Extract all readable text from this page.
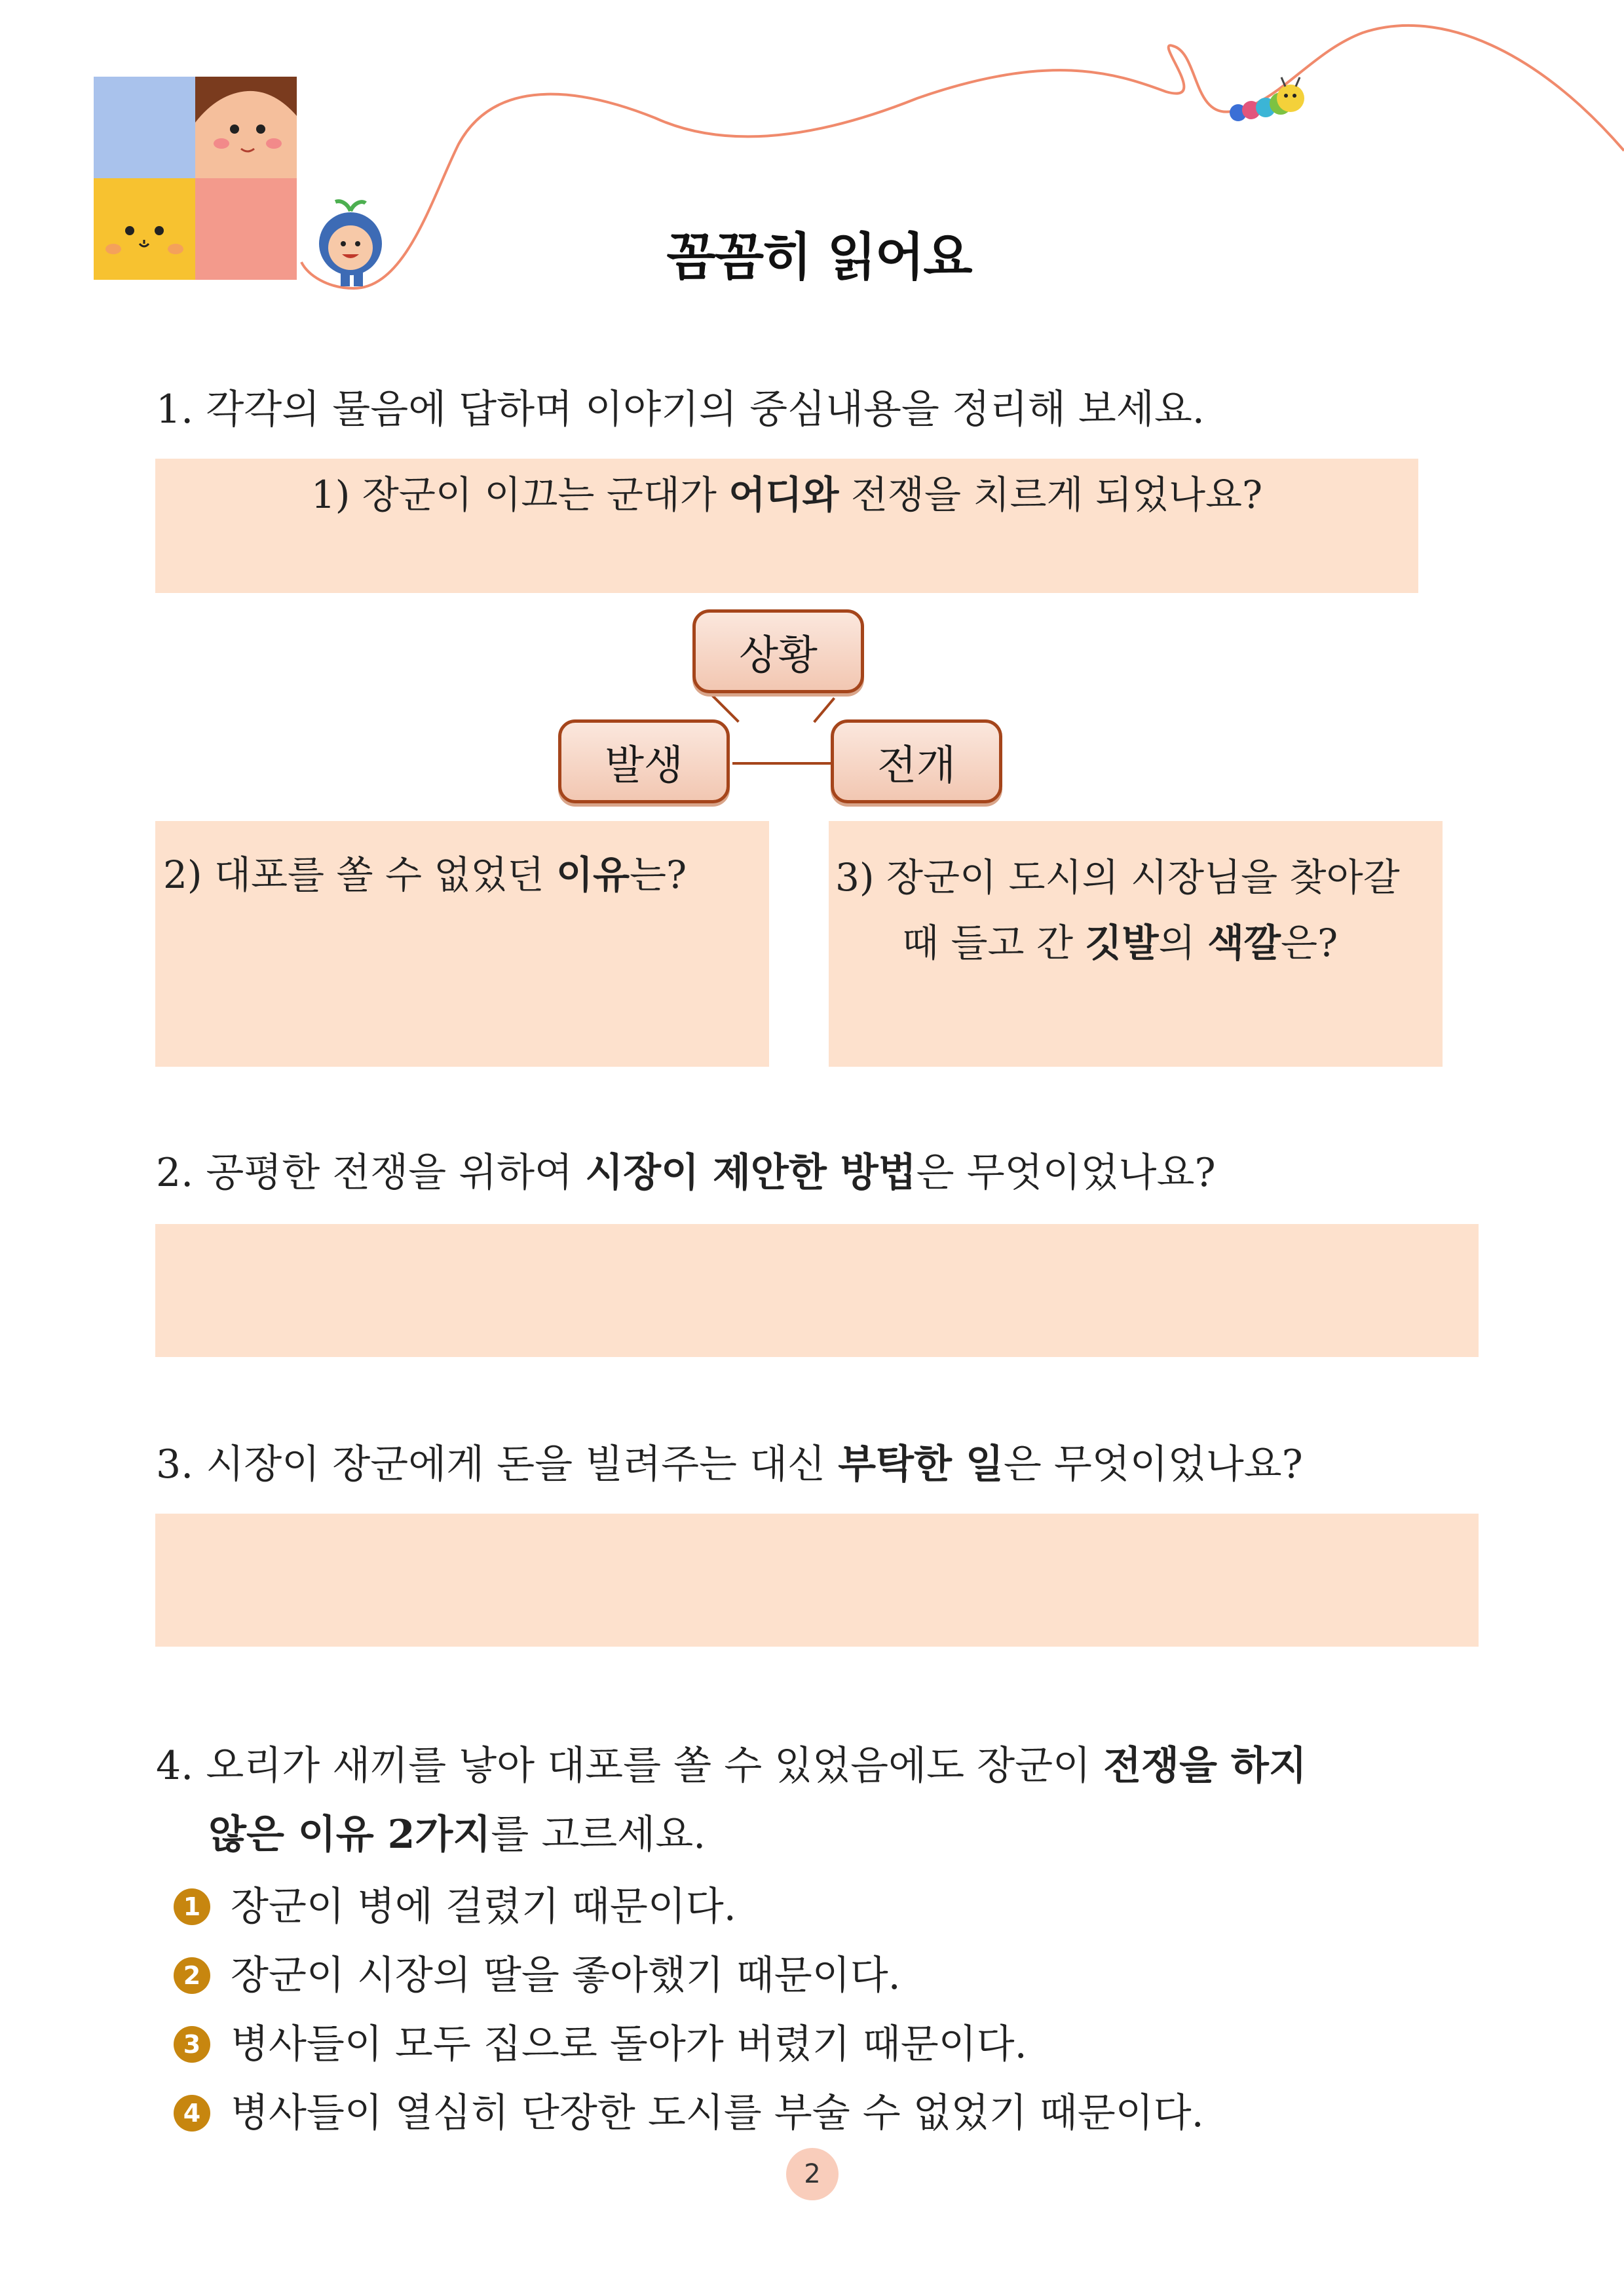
꼼꼼히 읽어요
1. 각각의 물음에 답하며 이야기의 중심내용을 정리해 보세요.
1) 장군이 이끄는 군대가 어디와 전쟁을 치르게 되었나요?
상황
발생	전개
2) 대포를 쏠 수 없었던 이유는?	3) 장군이 도시의 시장님을 찾아갈
때 들고 간 깃발의 색깔은?
2. 공평한 전쟁을 위하여 시장이 제안한 방법은 무엇이었나요?
3. 시장이 장군에게 돈을 빌려주는 대신 부탁한 일은 무엇이었나요?
4. 오리가 새끼를 낳아 대포를 쏠 수 있었음에도 장군이 전쟁을 하지
않은 이유 2가지를 고르세요.
1 장군이 병에 걸렸기 때문이다.
2 장군이 시장의 딸을 좋아했기 때문이다.
3 병사들이 모두 집으로 돌아가 버렸기 때문이다.
4 병사들이 열심히 단장한 도시를 부술 수 없었기 때문이다.
2
